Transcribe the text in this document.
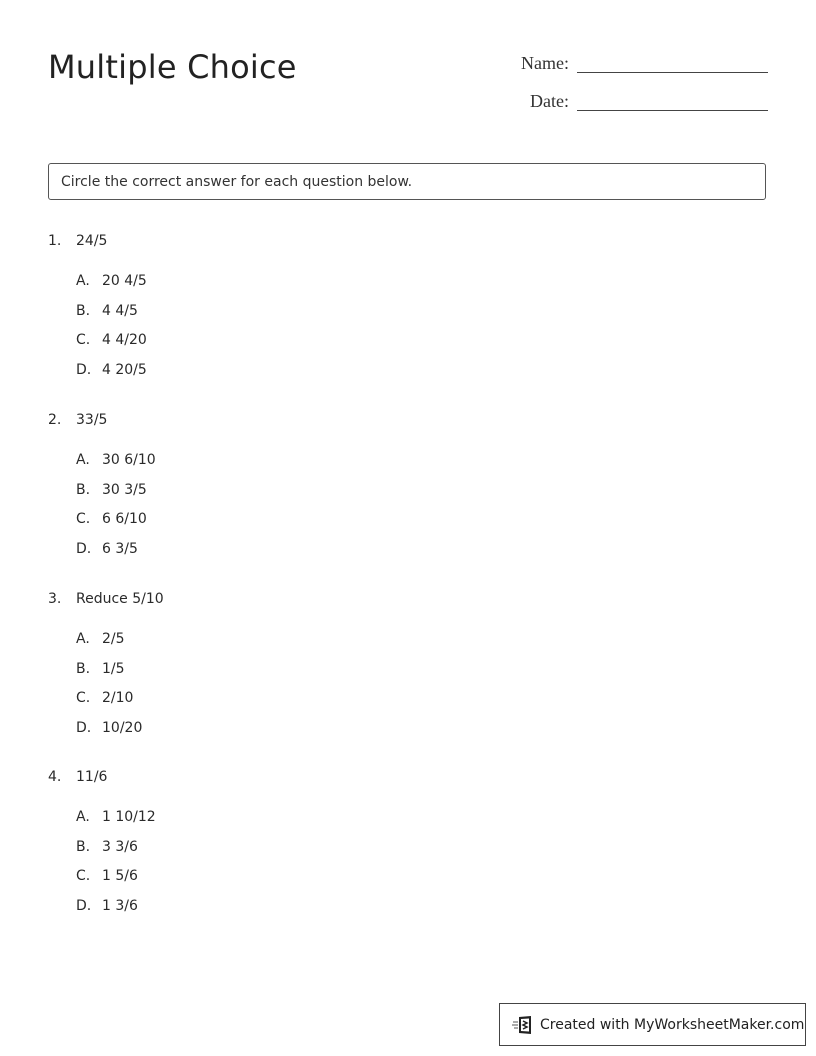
Multiple Choice	Name:
Date:
Circle the correct answer for each question below.
1.	24/5
A. 20 4/5
B. 4 4/5
C. 4 4/20
D. 4 20/5
2.	33/5
A. 30 6/10
B. 30 3/5
C. 6 6/10
D. 6 3/5
3.	Reduce 5/10
A. 2/5
B. 1/5
C. 2/10
D. 10/20
4.	11/6
A. 1 10/12
B. 3 3/6
C. 1 5/6
D. 1 3/6
Created with MyWorksheetMaker.com
